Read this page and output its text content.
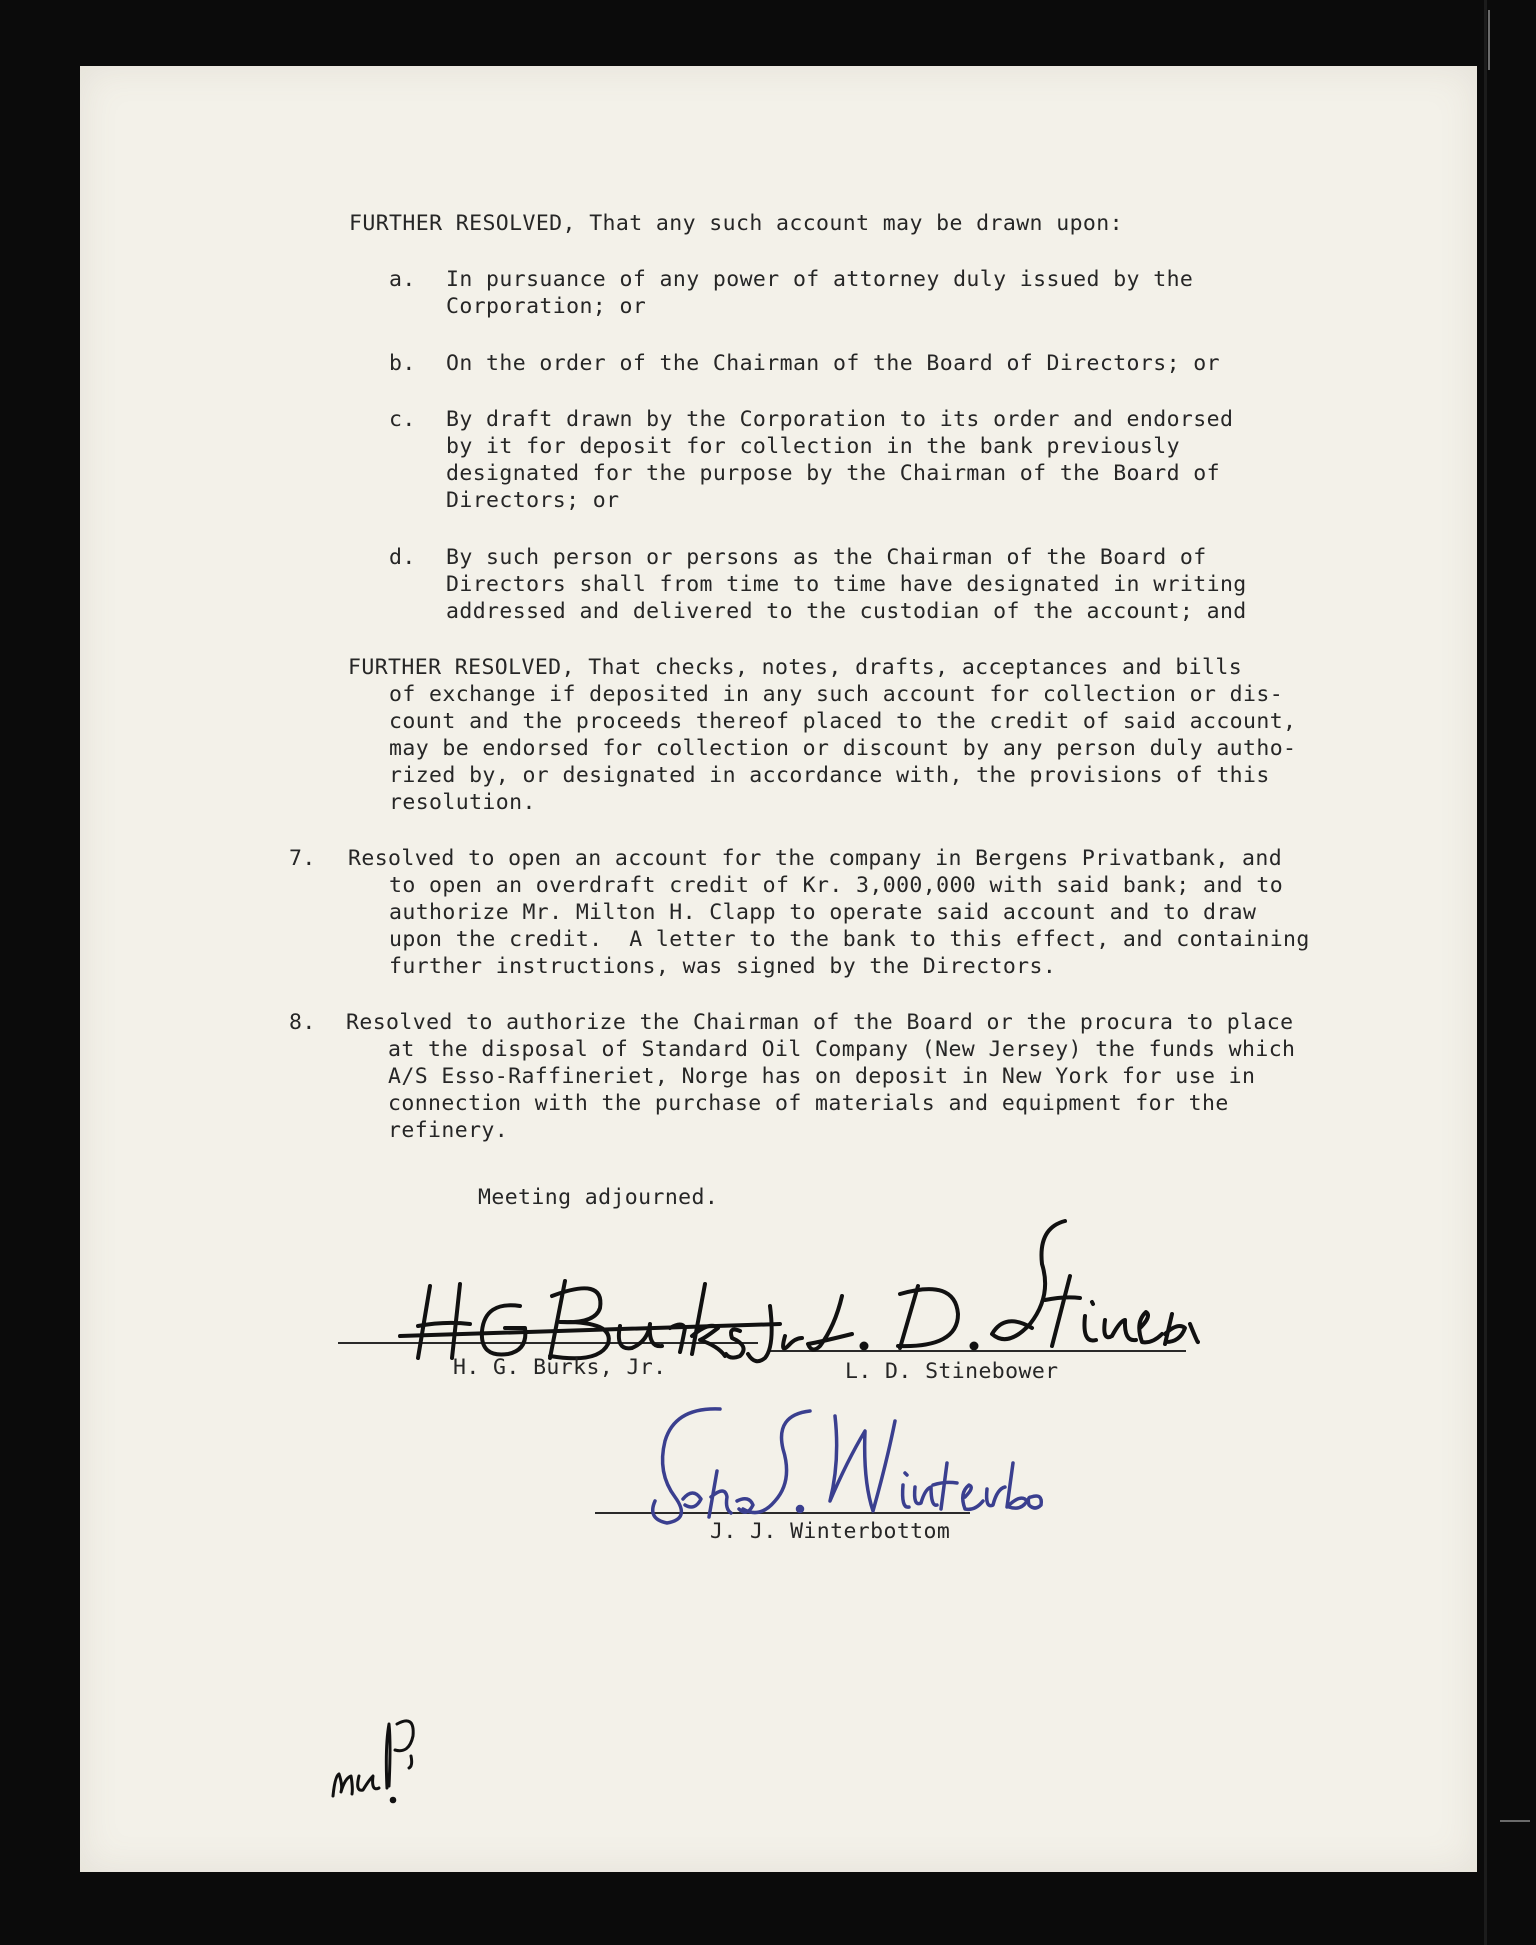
FURTHER RESOLVED, That any such account may be drawn upon:
a. In pursuance of any power of attorney duly issued by the
Corporation; or
b. On the order of the Chairman of the Board of Directors; or
c. By draft drawn by the Corporation to its order and endorsed
by it for deposit for collection in the bank previously
designated for the purpose by the Chairman of the Board of
Directors; or
d. By such person or persons as the Chairman of the Board of
Directors shall from time to time have designated in writing
addressed and delivered to the custodian of the account; and
FURTHER RESOLVED, That checks, notes, drafts, acceptances and bills
of exchange if deposited in any such account for collection or dis-
count and the proceeds thereof placed to the credit of said account,
may be endorsed for collection or discount by any person duly autho-
rized by, or designated in accordance with, the provisions of this
resolution.
7. Resolved to open an account for the company in Bergens Privatbank, and
to open an overdraft credit of Kr. 3,000,000 with said bank; and to
authorize Mr. Milton H. Clapp to operate said account and to draw
upon the credit.  A letter to the bank to this effect, and containing
further instructions, was signed by the Directors.
8. Resolved to authorize the Chairman of the Board or the procura to place
at the disposal of Standard Oil Company (New Jersey) the funds which
A/S Esso-Raffineriet, Norge has on deposit in New York for use in
connection with the purchase of materials and equipment for the
refinery.
Meeting adjourned.
H. G. Burks, Jr.	L. D. Stinebower
J. J. Winterbottom
